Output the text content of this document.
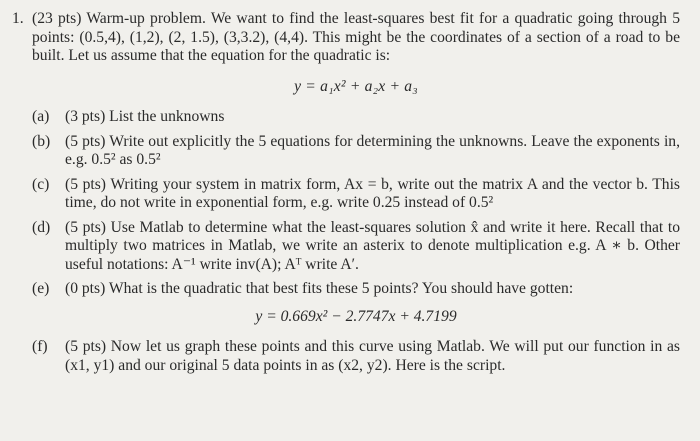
1. (23 pts) Warm-up problem. We want to find the least-squares best fit for a quadratic going through 5 points: (0.5,4), (1,2), (2, 1.5), (3,3.2), (4,4). This might be the coordinates of a section of a road to be built. Let us assume that the equation for the quadratic is:
y = a₁x² + a₂x + a₃
(a)	(3 pts) List the unknowns
(b) (5 pts) Write out explicitly the 5 equations for determining the unknowns. Leave the exponents in, e.g. 0.5² as 0.5²
(c)	(5 pts) Writing your system in matrix form, Ax = b, write out the matrix A and the vector b. This time, do not write in exponential form, e.g. write 0.25 instead of 0.5²
(d) (5 pts) Use Matlab to determine what the least-squares solution x̂ and write it here. Recall that to multiply two matrices in Matlab, we write an asterix to denote multiplication e.g. A ∗ b. Other useful notations: A⁻¹ write inv(A); Aᵀ write A′.
(e)	(0 pts) What is the quadratic that best fits these 5 points? You should have gotten:
y = 0.669x² − 2.7747x + 4.7199
(f)	(5 pts) Now let us graph these points and this curve using Matlab. We will put our function in as (x1, y1) and our original 5 data points in as (x2, y2). Here is the script.
